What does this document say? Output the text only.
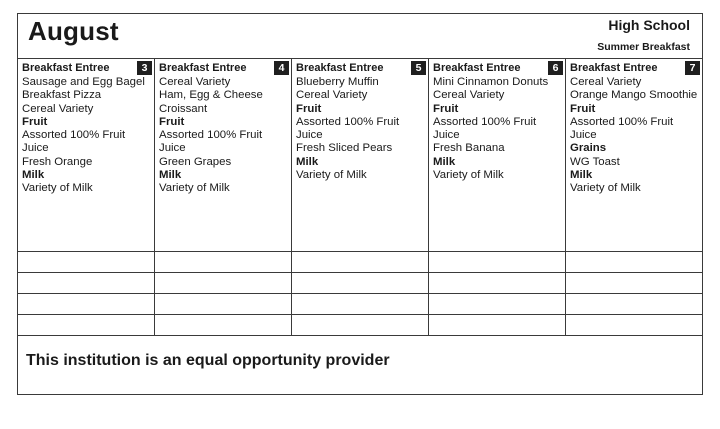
August	High School
Summer Breakfast
Breakfast Entree	3
Sausage and Egg Bagel
Breakfast Pizza
Cereal Variety
Fruit
Assorted 100% Fruit Juice
Fresh Orange
Milk
Variety of Milk
Breakfast Entree	4
Cereal Variety
Ham, Egg & Cheese Croissant
Fruit
Assorted 100% Fruit Juice
Green Grapes
Milk
Variety of Milk
Breakfast Entree	5
Blueberry Muffin
Cereal Variety
Fruit
Assorted 100% Fruit Juice
Fresh Sliced Pears
Milk
Variety of Milk
Breakfast Entree	6
Mini Cinnamon Donuts
Cereal Variety
Fruit
Assorted 100% Fruit Juice
Fresh Banana
Milk
Variety of Milk
Breakfast Entree	7
Cereal Variety
Orange Mango Smoothie
Fruit
Assorted 100% Fruit Juice
Grains
WG Toast
Milk
Variety of Milk
This institution is an equal opportunity provider
